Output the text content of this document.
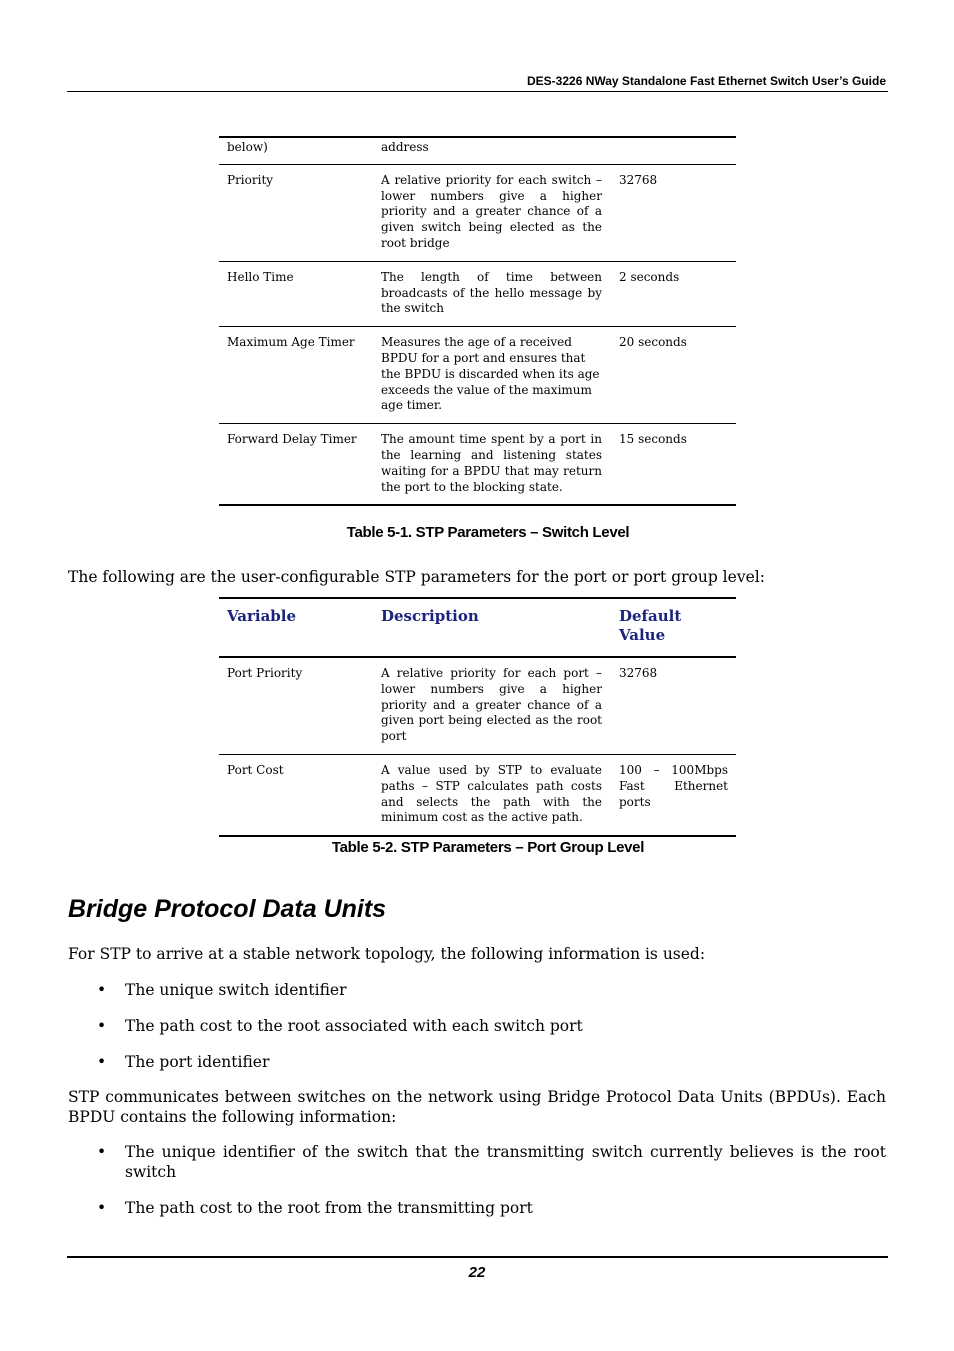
DES-3226 NWay Standalone Fast Ethernet Switch User’s Guide
below)	address	
Priority	A relative priority for each switch – lower numbers give a higher priority and a greater chance of a given switch being elected as the root bridge	32768
Hello Time	The length of time between broadcasts of the hello message by the switch	2 seconds
Maximum Age Timer	Measures the age of a received BPDU for a port and ensures that the BPDU is discarded when its age exceeds the value of the maximum age timer.	20 seconds
Forward Delay Timer	The amount time spent by a port in the learning and listening states waiting for a BPDU that may return the port to the blocking state.	15 seconds
Table 5-1. STP Parameters – Switch Level
The following are the user-configurable STP parameters for the port or port group level:
Variable	Description	Default Value
Port Priority	A relative priority for each port – lower numbers give a higher priority and a greater chance of a given port being elected as the root port	32768
Port Cost	A value used by STP to evaluate paths – STP calculates path costs and selects the path with the minimum cost as the active path.	100 – 100Mbps Fast Ethernet ports
Table 5-2. STP Parameters – Port Group Level
Bridge Protocol Data Units
For STP to arrive at a stable network topology, the following information is used:
• The unique switch identifier
• The path cost to the root associated with each switch port
• The port identifier
STP communicates between switches on the network using Bridge Protocol Data Units (BPDUs). Each BPDU contains the following information:
• The unique identifier of the switch that the transmitting switch currently believes is the root switch
• The path cost to the root from the transmitting port
22
